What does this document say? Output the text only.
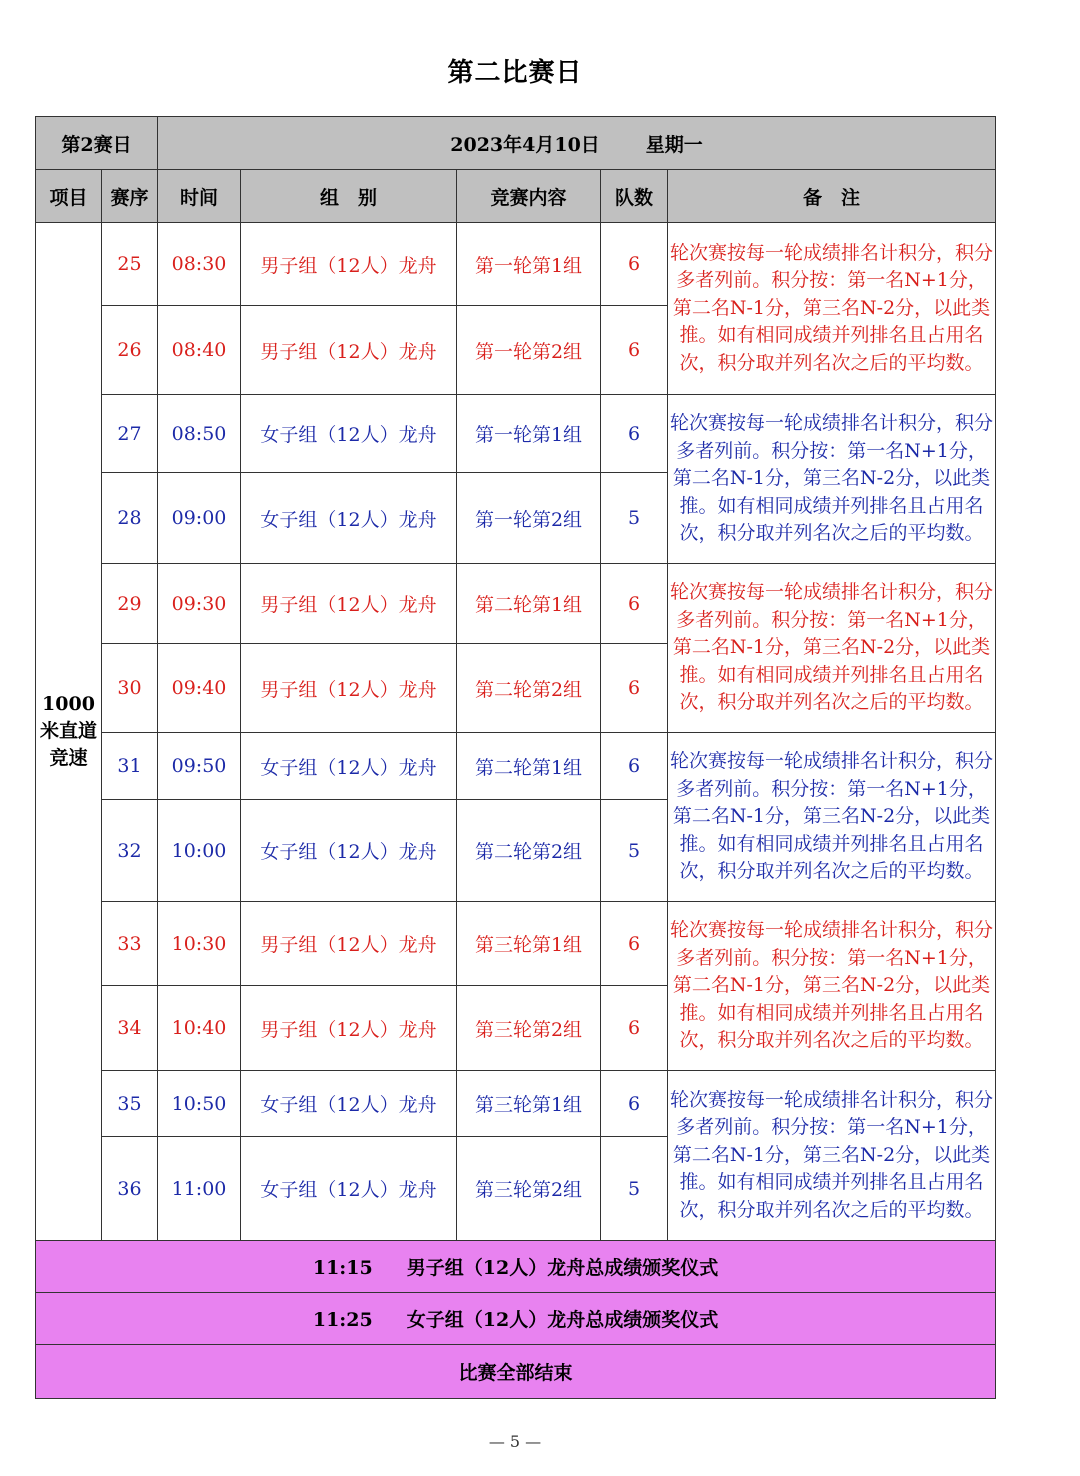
第二比赛日
第2赛日		2023年4月10日 星期一				
项目	赛序	时间	组　别	竞赛内容	队数	备　注
1000米直道竞速	25	08:30	男子组（12人）龙舟	第一轮第1组	6	轮次赛按每一轮成绩排名计积分，积分多者列前。积分按：第一名N+1分，第二名N-1分，第三名N-2分，以此类推。如有相同成绩并列排名且占用名次，积分取并列名次之后的平均数。
	26	08:40	男子组（12人）龙舟	第一轮第2组	6	
	27	08:50	女子组（12人）龙舟	第一轮第1组	6	轮次赛按每一轮成绩排名计积分，积分多者列前。积分按：第一名N+1分，第二名N-1分，第三名N-2分，以此类推。如有相同成绩并列排名且占用名次，积分取并列名次之后的平均数。
	28	09:00	女子组（12人）龙舟	第一轮第2组	5	
	29	09:30	男子组（12人）龙舟	第二轮第1组	6	轮次赛按每一轮成绩排名计积分，积分多者列前。积分按：第一名N+1分，第二名N-1分，第三名N-2分，以此类推。如有相同成绩并列排名且占用名次，积分取并列名次之后的平均数。
	30	09:40	男子组（12人）龙舟	第二轮第2组	6	
	31	09:50	女子组（12人）龙舟	第二轮第1组	6	轮次赛按每一轮成绩排名计积分，积分多者列前。积分按：第一名N+1分，第二名N-1分，第三名N-2分，以此类推。如有相同成绩并列排名且占用名次，积分取并列名次之后的平均数。
	32	10:00	女子组（12人）龙舟	第二轮第2组	5	
	33	10:30	男子组（12人）龙舟	第三轮第1组	6	轮次赛按每一轮成绩排名计积分，积分多者列前。积分按：第一名N+1分，第二名N-1分，第三名N-2分，以此类推。如有相同成绩并列排名且占用名次，积分取并列名次之后的平均数。
	34	10:40	男子组（12人）龙舟	第三轮第2组	6	
	35	10:50	女子组（12人）龙舟	第三轮第1组	6	轮次赛按每一轮成绩排名计积分，积分多者列前。积分按：第一名N+1分，第二名N-1分，第三名N-2分，以此类推。如有相同成绩并列排名且占用名次，积分取并列名次之后的平均数。
	36	11:00	女子组（12人）龙舟	第三轮第2组	5	
11:15 男子组（12人）龙舟总成绩颁奖仪式						
11:25 女子组（12人）龙舟总成绩颁奖仪式						
比赛全部结束						
— 5 —
